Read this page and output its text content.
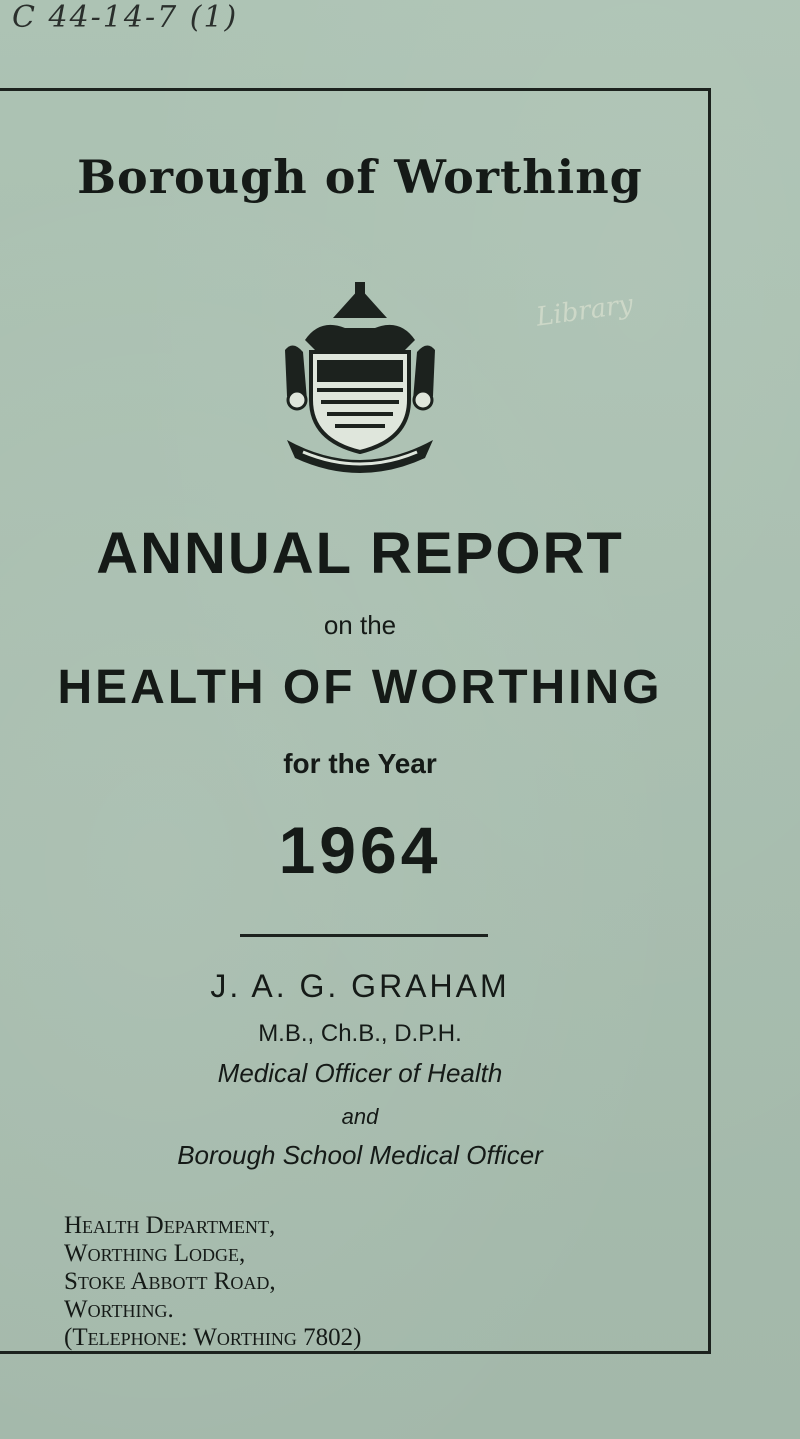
C 44-14-7 (1)
Library
Borough of Worthing
ANNUAL REPORT
on the
HEALTH OF WORTHING
for the Year
1964
J. A. G. GRAHAM
M.B., Ch.B., D.P.H.
Medical Officer of Health
and
Borough School Medical Officer
Health Department,
Worthing Lodge,
Stoke Abbott Road,
Worthing.
(Telephone: Worthing 7802)
